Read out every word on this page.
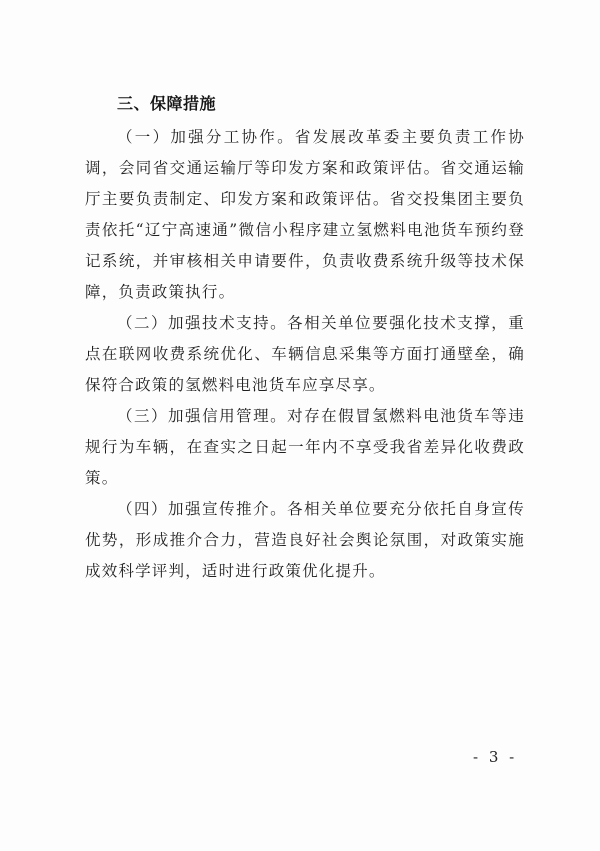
三、保障措施

（一）加强分工协作。省发展改革委主要负责工作协调，会同省交通运输厅等印发方案和政策评估。省交通运输厅主要负责制定、印发方案和政策评估。省交投集团主要负责依托“辽宁高速通”微信小程序建立氢燃料电池货车预约登记系统，并审核相关申请要件，负责收费系统升级等技术保障，负责政策执行。

（二）加强技术支持。各相关单位要强化技术支撑，重点在联网收费系统优化、车辆信息采集等方面打通壁垒，确保符合政策的氢燃料电池货车应享尽享。

（三）加强信用管理。对存在假冒氢燃料电池货车等违规行为车辆，在查实之日起一年内不享受我省差异化收费政策。

（四）加强宣传推介。各相关单位要充分依托自身宣传优势，形成推介合力，营造良好社会舆论氛围，对政策实施成效科学评判，适时进行政策优化提升。

- 3 -
